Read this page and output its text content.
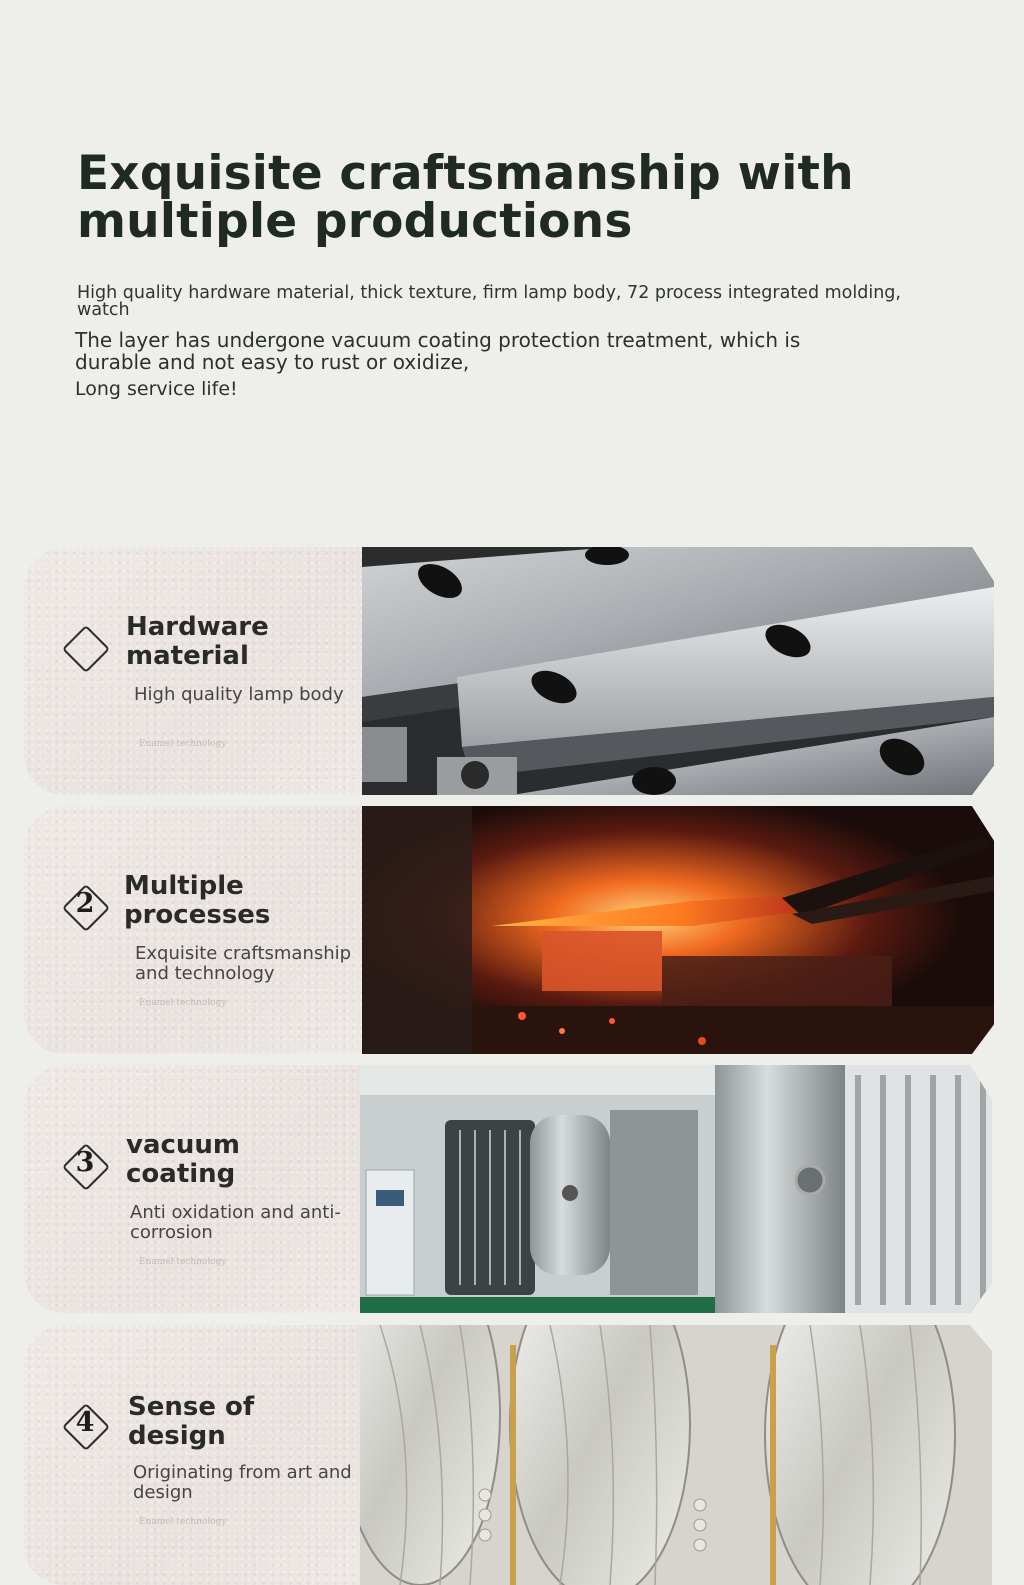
Exquisite craftsmanship with
multiple productions

High quality hardware material, thick texture, firm lamp body, 72 process integrated molding, watch

The layer has undergone vacuum coating protection treatment, which is durable and not easy to rust or oxidize,

Long service life!

Hardware material

High quality lamp body

Enamel technology
2
Multiple processes

Exquisite craftsmanship and technology

Enamel technology
3
vacuum coating

Anti oxidation and anti-corrosion

Enamel technology
4	Sense of design

Originating from art and design

Enamel technology
